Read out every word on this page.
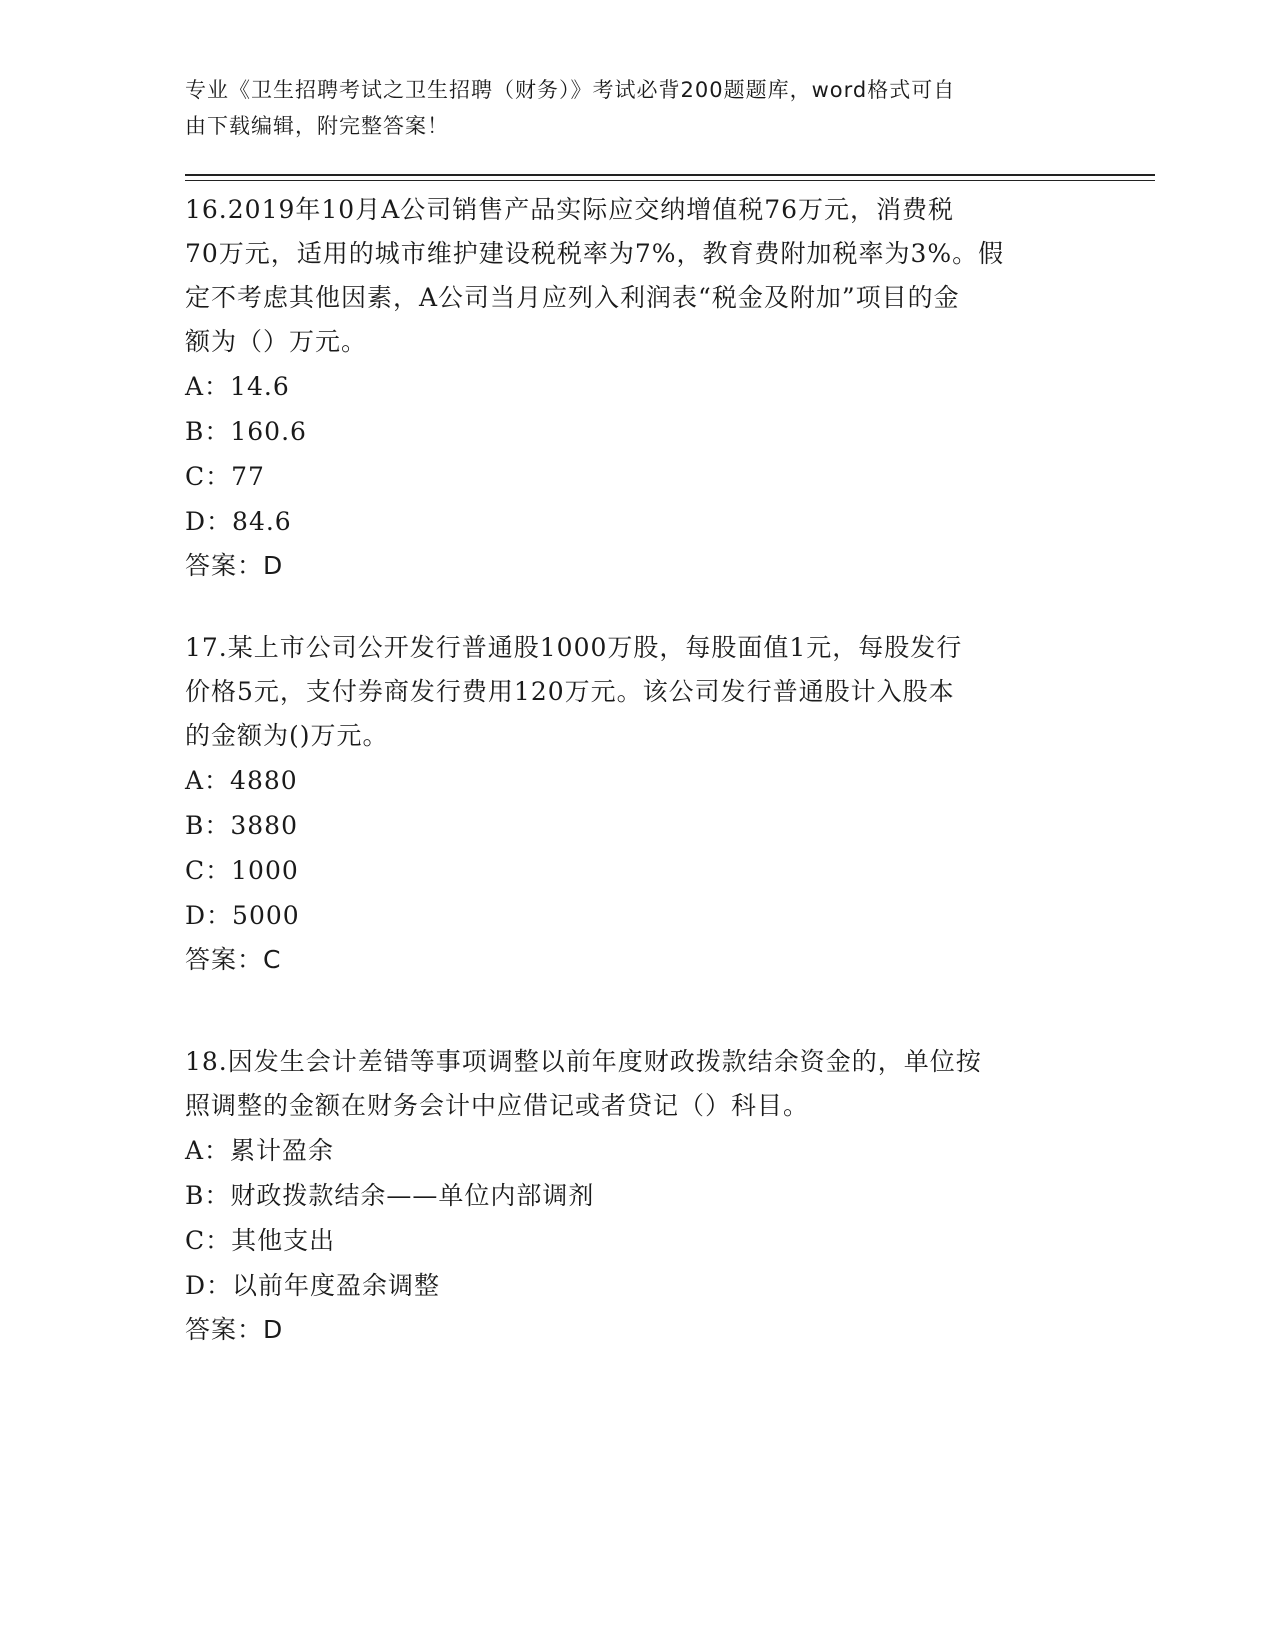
专业《卫生招聘考试之卫生招聘（财务）》考试必背200题题库，word格式可自
由下载编辑，附完整答案！
16.2019年10月A公司销售产品实际应交纳增值税76万元，消费税
70万元，适用的城市维护建设税税率为7%，教育费附加税率为3%。假
定不考虑其他因素，A公司当月应列入利润表“税金及附加”项目的金
额为（）万元。
A：14.6
B：160.6
C：77
D：84.6
答案：D
17.某上市公司公开发行普通股1000万股，每股面值1元，每股发行
价格5元，支付券商发行费用120万元。该公司发行普通股计入股本
的金额为()万元。
A：4880
B：3880
C：1000
D：5000
答案：C
18.因发生会计差错等事项调整以前年度财政拨款结余资金的，单位按
照调整的金额在财务会计中应借记或者贷记（）科目。
A：累计盈余
B：财政拨款结余——单位内部调剂
C：其他支出
D：以前年度盈余调整
答案：D
